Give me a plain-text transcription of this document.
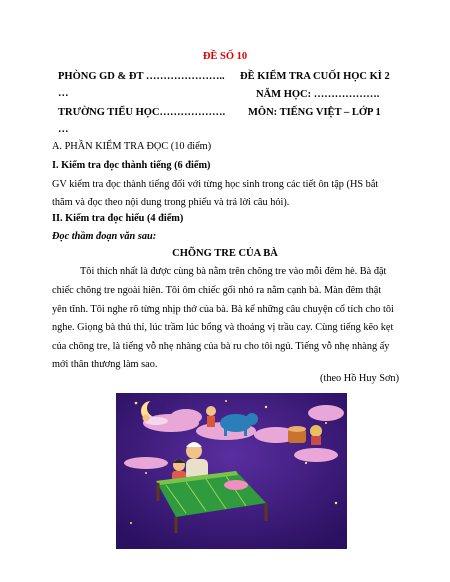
ĐỀ SỐ 10
PHÒNG GD & ĐT …………………..
…
TRƯỜNG TIỂU HỌC……………….
…
ĐỀ KIỂM TRA CUỐI HỌC KÌ 2
NĂM HỌC: ……………….
MÔN: TIẾNG VIỆT – LỚP 1
A. PHẦN KIỂM TRA ĐỌC (10 điểm)
I. Kiểm tra đọc thành tiếng (6 điểm)
GV kiểm tra đọc thành tiếng đối với từng học sinh trong các tiết ôn tập (HS bắt
thăm và đọc theo nội dung trong phiếu và trả lời câu hỏi).
II. Kiểm tra đọc hiểu (4 điểm)
Đọc thầm đoạn văn sau:
CHÕNG TRE CỦA BÀ
Tôi thích nhất là được cùng bà nằm trên chõng tre vào mỗi đêm hè. Bà đặt
chiếc chõng tre ngoài hiên. Tôi ôm chiếc gối nhỏ ra nằm cạnh bà. Màn đêm thật
yên tĩnh. Tôi nghe rõ từng nhịp thở của bà. Bà kể những câu chuyện cổ tích cho tôi
nghe. Giọng bà thủ thỉ, lúc trầm lúc bổng và thoảng vị trầu cay. Cùng tiếng kẽo kẹt
của chõng tre, là tiếng vỗ nhẹ nhàng của bà ru cho tôi ngủ. Tiếng vỗ nhẹ nhàng ấy
mới thân thương làm sao.
(theo Hồ Huy Sơn)
